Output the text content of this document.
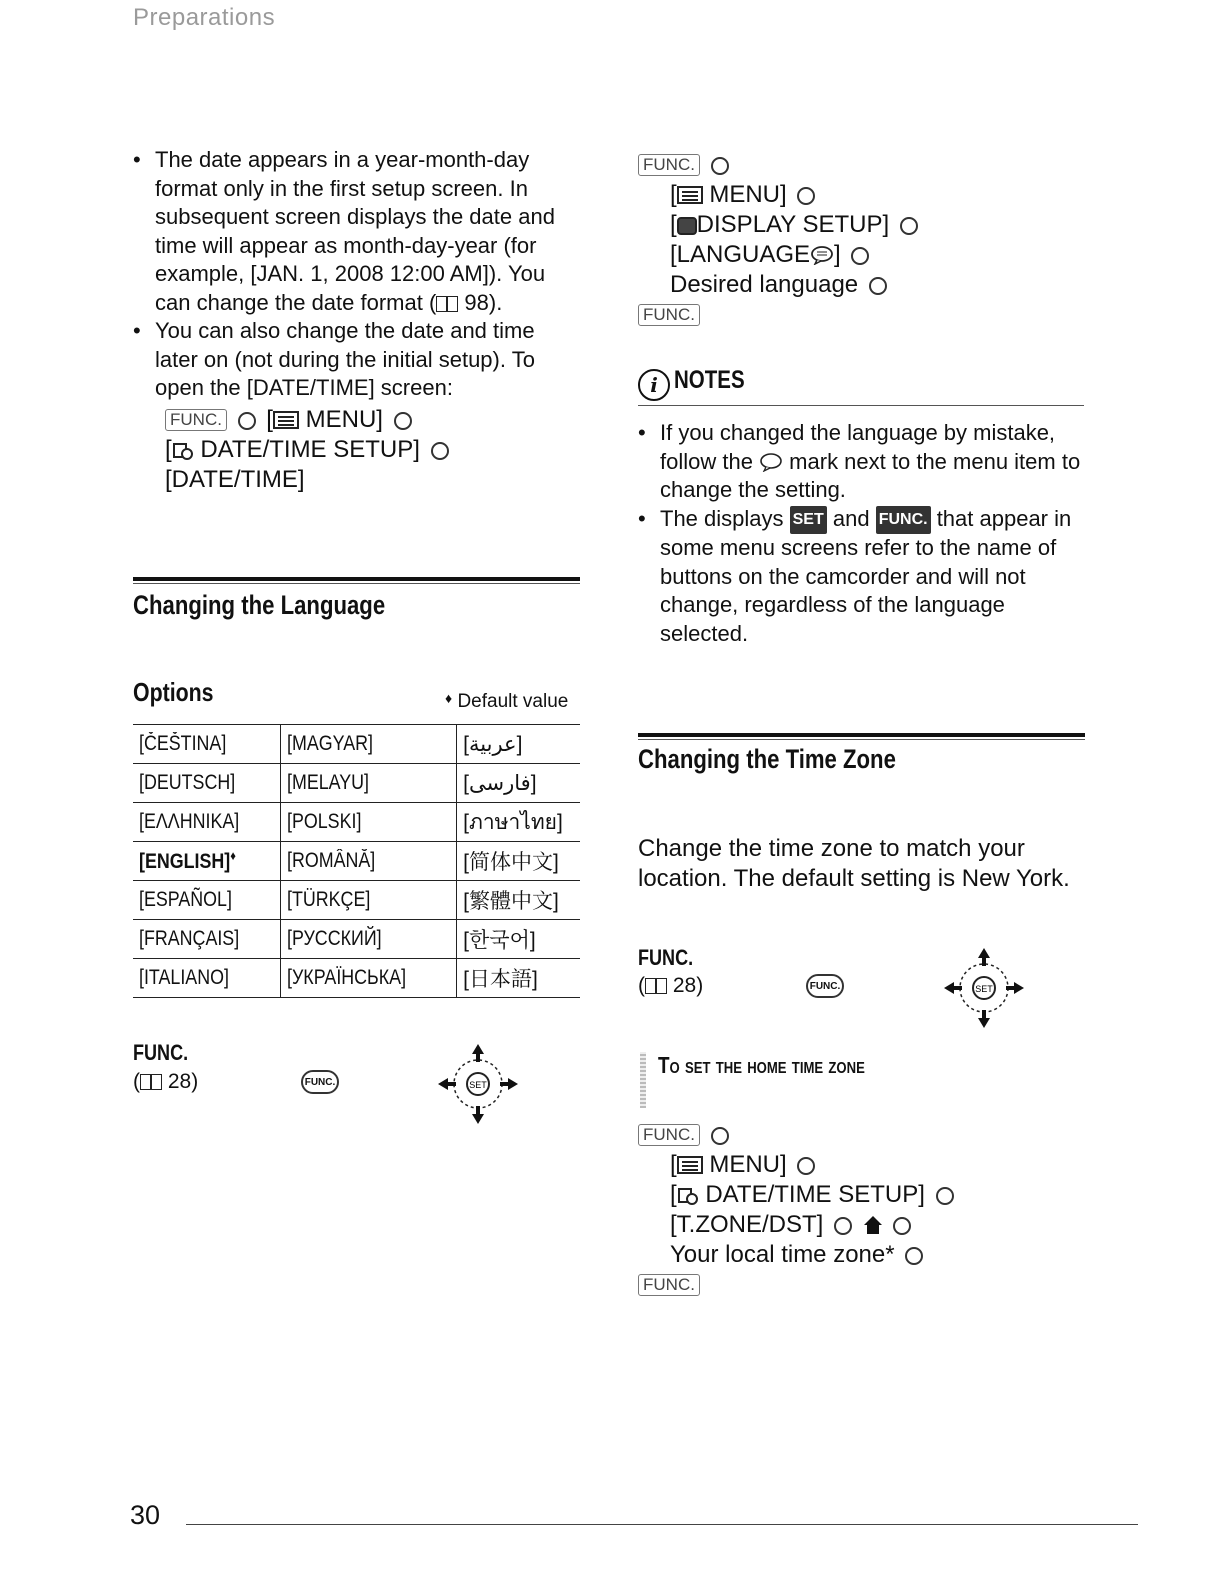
Preparations
• The date appears in a year-month-day format only in the first setup screen. In subsequent screen displays the date and time will appear as month-day-year (for example, [JAN. 1, 2008 12:00 AM]). You can change the date format ( 98).
• You can also change the date and time later on (not during the initial setup). To open the [DATE/TIME] screen:
FUNC.  [ MENU]
[ DATE/TIME SETUP]
[DATE/TIME]
Changing the Language
Options	♦ Default value
[ČEŠTINA]	[MAGYAR]	[عربية]
[DEUTSCH]	[MELAYU]	[فارسی]
[ΕΛΛΗΝΙΚΑ]	[POLSKI]	[ภาษาไทย]
[ENGLISH]♦	[ROMÂNĂ]	[简体中文]
[ESPAÑOL]	[TÜRKÇE]	[繁體中文]
[FRANÇAIS]	[РУССКИЙ]	[한국어]
[ITALIANO]	[УКРАЇНСЬКА]	[日本語]
FUNC.
( 28)	FUNC.	SET
FUNC.
[ MENU]
[ DISPLAY SETUP]
[LANGUAGE ]
Desired language
FUNC.
i NOTES
• If you changed the language by mistake, follow the  mark next to the menu item to change the setting.
• The displays SET and FUNC. that appear in some menu screens refer to the name of buttons on the camcorder and will not change, regardless of the language selected.
Changing the Time Zone
Change the time zone to match your location. The default setting is New York.
FUNC.
( 28)	FUNC.	SET
To set the home time zone
FUNC.
[ MENU]
[ DATE/TIME SETUP]
[T.ZONE/DST]
Your local time zone*
FUNC.
30
